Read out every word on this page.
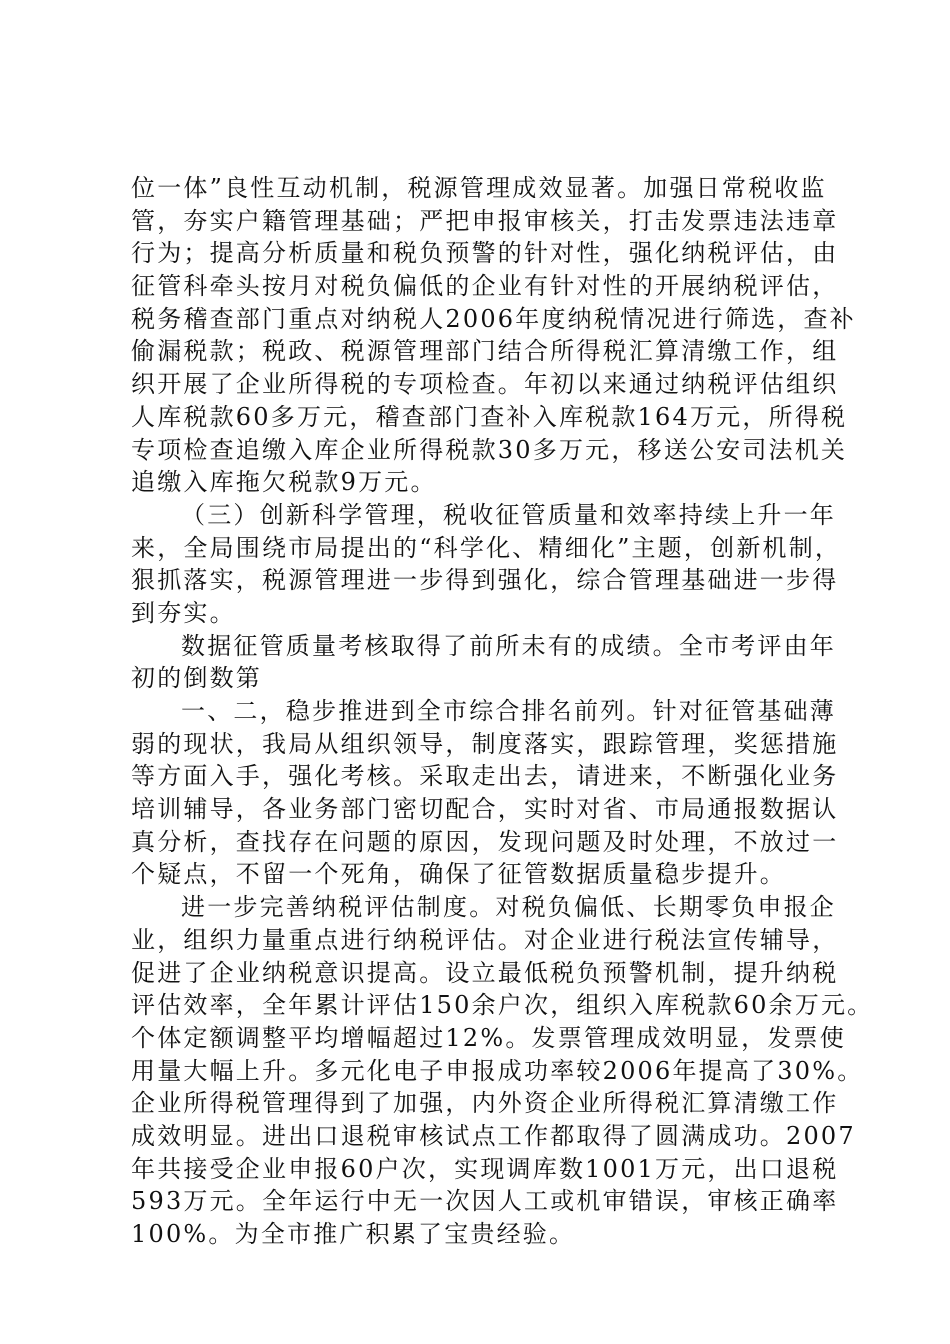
位一体”良性互动机制，税源管理成效显著。加强日常税收监
管，夯实户籍管理基础；严把申报审核关，打击发票违法违章
行为；提高分析质量和税负预警的针对性，强化纳税评估，由
征管科牵头按月对税负偏低的企业有针对性的开展纳税评估，
税务稽查部门重点对纳税人2006年度纳税情况进行筛选，查补
偷漏税款；税政、税源管理部门结合所得税汇算清缴工作，组
织开展了企业所得税的专项检查。年初以来通过纳税评估组织
人库税款60多万元，稽查部门查补入库税款164万元，所得税
专项检查追缴入库企业所得税款30多万元，移送公安司法机关
追缴入库拖欠税款9万元。
（三）创新科学管理，税收征管质量和效率持续上升一年
来，全局围绕市局提出的“科学化、精细化”主题，创新机制，
狠抓落实，税源管理进一步得到强化，综合管理基础进一步得
到夯实。
数据征管质量考核取得了前所未有的成绩。全市考评由年
初的倒数第
一、二，稳步推进到全市综合排名前列。针对征管基础薄
弱的现状，我局从组织领导，制度落实，跟踪管理，奖惩措施
等方面入手，强化考核。采取走出去，请进来，不断强化业务
培训辅导，各业务部门密切配合，实时对省、市局通报数据认
真分析，查找存在问题的原因，发现问题及时处理，不放过一
个疑点，不留一个死角，确保了征管数据质量稳步提升。
进一步完善纳税评估制度。对税负偏低、长期零负申报企
业，组织力量重点进行纳税评估。对企业进行税法宣传辅导，
促进了企业纳税意识提高。设立最低税负预警机制，提升纳税
评估效率，全年累计评估150余户次，组织入库税款60余万元。
个体定额调整平均增幅超过12%。发票管理成效明显，发票使
用量大幅上升。多元化电子申报成功率较2006年提高了30%。
企业所得税管理得到了加强，内外资企业所得税汇算清缴工作
成效明显。进出口退税审核试点工作都取得了圆满成功。2007
年共接受企业申报60户次，实现调库数1001万元，出口退税
593万元。全年运行中无一次因人工或机审错误，审核正确率
100%。为全市推广积累了宝贵经验。
